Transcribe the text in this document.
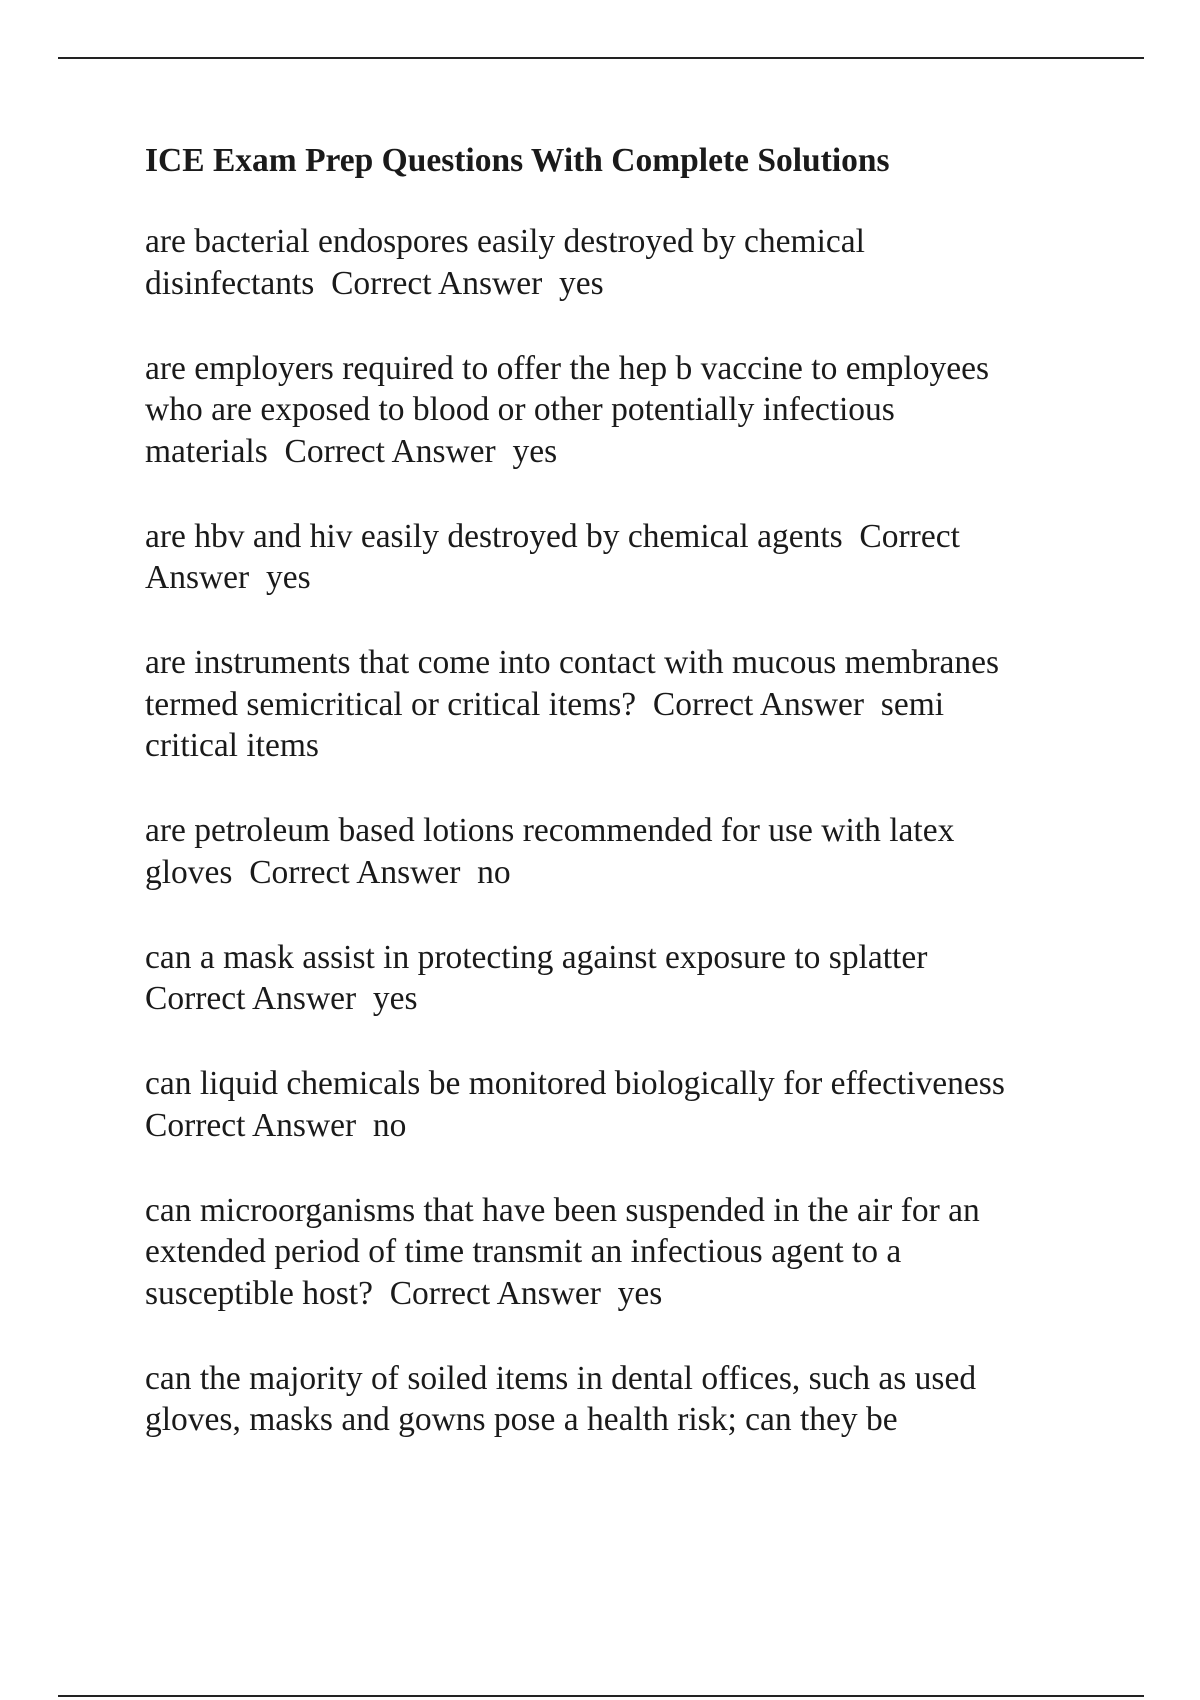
ICE Exam Prep Questions With Complete Solutions

are bacterial endospores easily destroyed by chemical
disinfectants  Correct Answer  yes

are employers required to offer the hep b vaccine to employees
who are exposed to blood or other potentially infectious
materials  Correct Answer  yes

are hbv and hiv easily destroyed by chemical agents  Correct
Answer  yes

are instruments that come into contact with mucous membranes
termed semicritical or critical items?  Correct Answer  semi
critical items

are petroleum based lotions recommended for use with latex
gloves  Correct Answer  no

can a mask assist in protecting against exposure to splatter
Correct Answer  yes

can liquid chemicals be monitored biologically for effectiveness
Correct Answer  no

can microorganisms that have been suspended in the air for an
extended period of time transmit an infectious agent to a
susceptible host?  Correct Answer  yes

can the majority of soiled items in dental offices, such as used
gloves, masks and gowns pose a health risk; can they be
